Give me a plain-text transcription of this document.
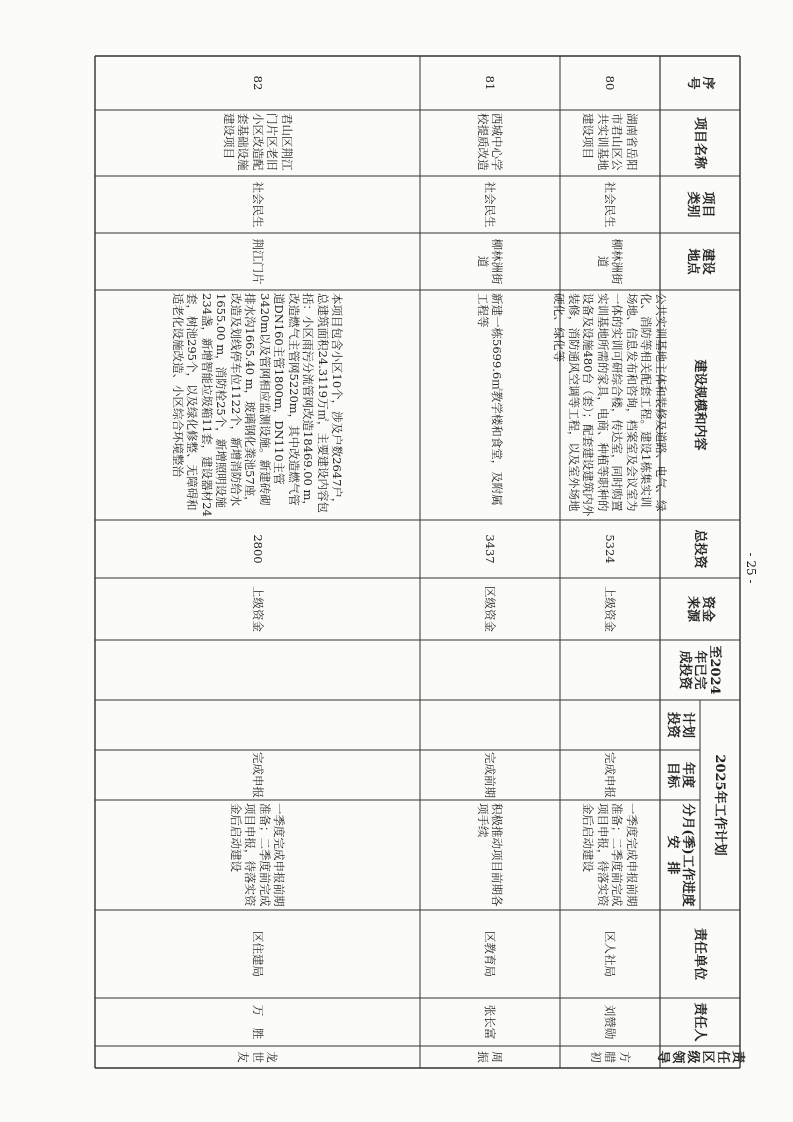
序
号
项目名称
项目
类别
建设
地点
建设规模和内容
总投资
资金
来源
至2024
年已完
成投资
计划
投资
年度
目标
分月(季)工作进度
安　排
责任单位
责任人
责任
区级
领导
2025年工作计划
80
湖南省岳阳市君山区公共实训基地建设项目
社会民生
柳林洲街道
公共实训基地主体和装修及道路、电气、绿化、消防等相关配套工程。建设1栋集实训场地、信息发布和咨询，档案室及会议室为一体的实训可研综合楼，传达室，同时购置实训基地所需的家具，电商、种植等职种的设备及设施480台（套）；配套建设建筑内外装修，消防通风空调等工程，以及室外场地硬化、绿化等
5324
上级资金
完成申报
一季度完成申报前期准备；二季度前完成项目申报，待落实资金后启动建设
区人社局
刘赞勋
方腊初
81
西城中心学校提质改造
社会民生
柳林洲街道
新建一栋5699.6㎡教学楼和食堂，及附属工程等
3437
区级资金
完成前期
积极推动项目前期各项手续
区教育局
张长富
周　振
82
君山区荆江门片区老旧小区改造配套基础设施建设项目
社会民生
荆江门片
本项目包含小区10个，涉及户数2647户，总建筑面积24.3119万㎡，主要建设内容包括：小区雨污分流管网改造18469.00 m，改造燃气主管网5220m，其中改造燃气管道DN160主管1800m，DN110主管3420m以及管网相应监测设施。新建砖砌排水沟1665.40 m，玻璃钢化粪池57座，改造及划线停车位1122个，新增消防给水1655.00 m，消防栓25个，新增照明设施234盏，新增智能垃圾箱11套，建设器材24套，树池295个，以及绿化修整、无障碍和适老化设施改造、小区综合环境整治
2800
上级资金
完成申报
一季度完成申报前期准备；二季度前完成项目申报，待落实资金后启动建设
区住建局
万　胜
龙世友
- 25 -
